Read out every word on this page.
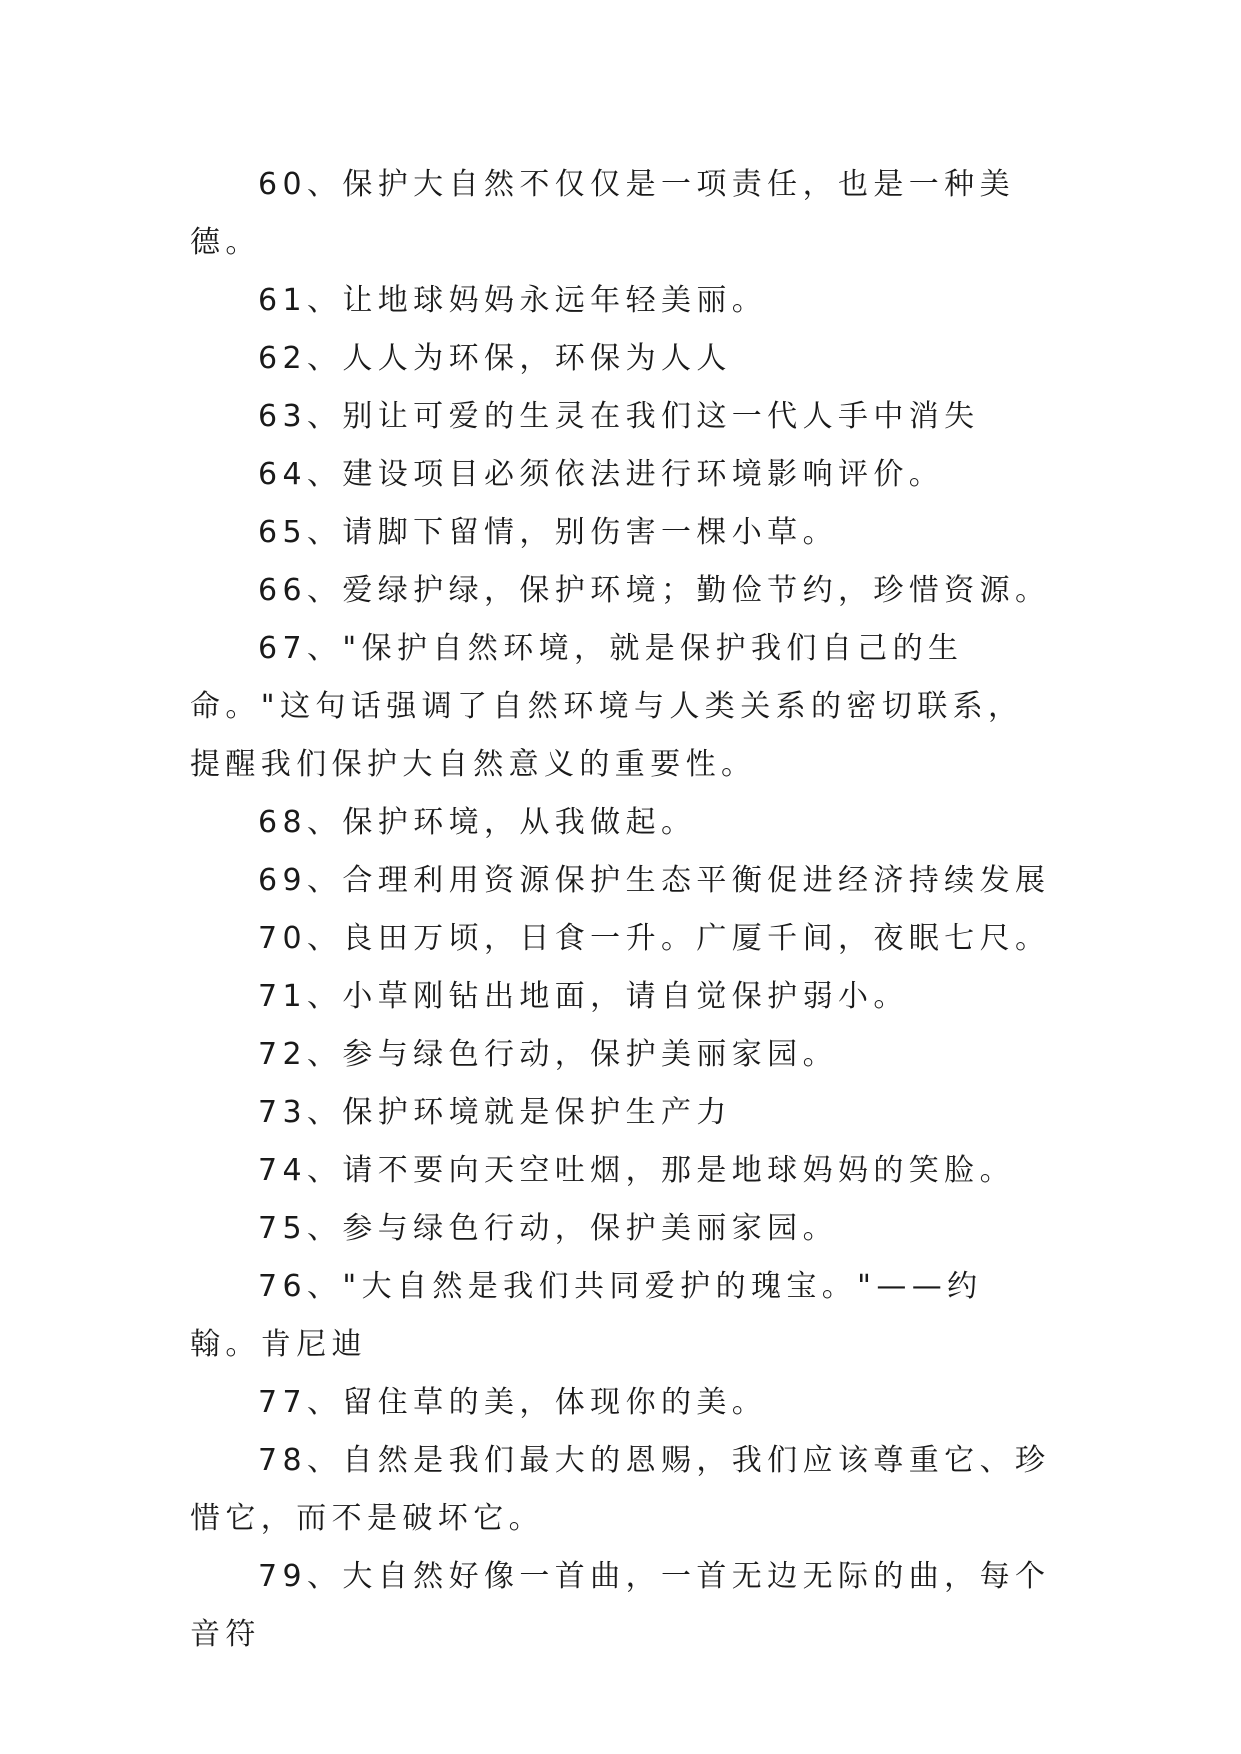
60、保护大自然不仅仅是一项责任，也是一种美德。

61、让地球妈妈永远年轻美丽。

62、人人为环保，环保为人人

63、别让可爱的生灵在我们这一代人手中消失

64、建设项目必须依法进行环境影响评价。

65、请脚下留情，别伤害一棵小草。

66、爱绿护绿，保护环境；勤俭节约，珍惜资源。

67、"保护自然环境，就是保护我们自己的生命。"这句话强调了自然环境与人类关系的密切联系，提醒我们保护大自然意义的重要性。

68、保护环境，从我做起。

69、合理利用资源保护生态平衡促进经济持续发展

70、良田万顷，日食一升。广厦千间，夜眠七尺。

71、小草刚钻出地面，请自觉保护弱小。

72、参与绿色行动，保护美丽家园。

73、保护环境就是保护生产力

74、请不要向天空吐烟，那是地球妈妈的笑脸。

75、参与绿色行动，保护美丽家园。

76、"大自然是我们共同爱护的瑰宝。"——约翰。肯尼迪

77、留住草的美，体现你的美。

78、自然是我们最大的恩赐，我们应该尊重它、珍惜它，而不是破坏它。

79、大自然好像一首曲，一首无边无际的曲，每个音符
